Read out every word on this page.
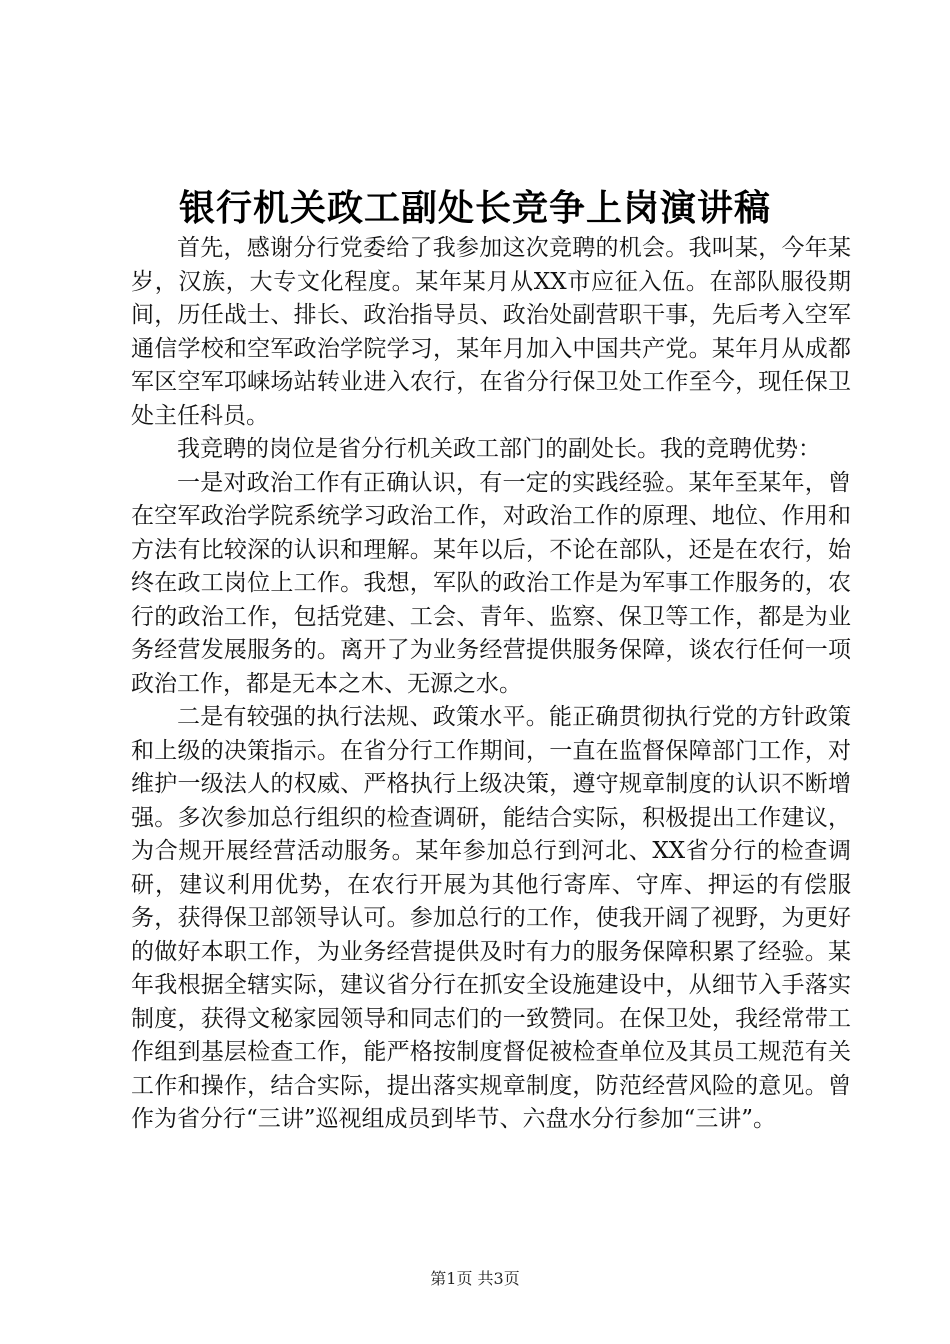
银行机关政工副处长竞争上岗演讲稿

首先，感谢分行党委给了我参加这次竞聘的机会。我叫某，今年某岁，汉族，大专文化程度。某年某月从XX市应征入伍。在部队服役期间，历任战士、排长、政治指导员、政治处副营职干事，先后考入空军通信学校和空军政治学院学习，某年月加入中国共产党。某年月从成都军区空军邛崃场站转业进入农行，在省分行保卫处工作至今，现任保卫处主任科员。

我竞聘的岗位是省分行机关政工部门的副处长。我的竞聘优势：

一是对政治工作有正确认识，有一定的实践经验。某年至某年，曾在空军政治学院系统学习政治工作，对政治工作的原理、地位、作用和方法有比较深的认识和理解。某年以后，不论在部队，还是在农行，始终在政工岗位上工作。我想，军队的政治工作是为军事工作服务的，农行的政治工作，包括党建、工会、青年、监察、保卫等工作，都是为业务经营发展服务的。离开了为业务经营提供服务保障，谈农行任何一项政治工作，都是无本之木、无源之水。

二是有较强的执行法规、政策水平。能正确贯彻执行党的方针政策和上级的决策指示。在省分行工作期间，一直在监督保障部门工作，对维护一级法人的权威、严格执行上级决策，遵守规章制度的认识不断增强。多次参加总行组织的检查调研，能结合实际，积极提出工作建议，为合规开展经营活动服务。某年参加总行到河北、XX省分行的检查调研，建议利用优势，在农行开展为其他行寄库、守库、押运的有偿服务，获得保卫部领导认可。参加总行的工作，使我开阔了视野，为更好的做好本职工作，为业务经营提供及时有力的服务保障积累了经验。某年我根据全辖实际，建议省分行在抓安全设施建设中，从细节入手落实制度，获得文秘家园领导和同志们的一致赞同。在保卫处，我经常带工作组到基层检查工作，能严格按制度督促被检查单位及其员工规范有关工作和操作，结合实际，提出落实规章制度，防范经营风险的意见。曾作为省分行“三讲”巡视组成员到毕节、六盘水分行参加“三讲”。

第1页 共3页
